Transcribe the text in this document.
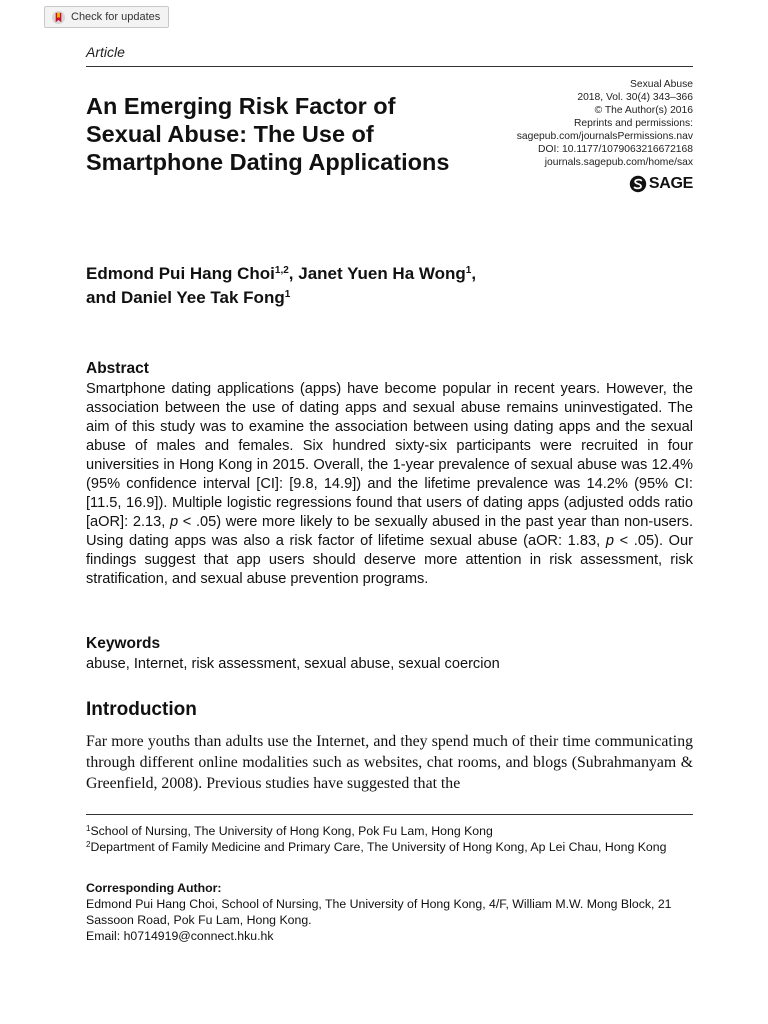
Check for updates
Article
An Emerging Risk Factor of Sexual Abuse: The Use of Smartphone Dating Applications
Sexual Abuse
2018, Vol. 30(4) 343–366
© The Author(s) 2016
Reprints and permissions:
sagepub.com/journalsPermissions.nav
DOI: 10.1177/1079063216672168
journals.sagepub.com/home/sax
SAGE
Edmond Pui Hang Choi$^{1,2}$, Janet Yuen Ha Wong$^1$,
and Daniel Yee Tak Fong$^1$
Abstract

Smartphone dating applications (apps) have become popular in recent years. However, the association between the use of dating apps and sexual abuse remains uninvestigated. The aim of this study was to examine the association between using dating apps and the sexual abuse of males and females. Six hundred sixty-six participants were recruited in four universities in Hong Kong in 2015. Overall, the 1-year prevalence of sexual abuse was 12.4% (95% confidence interval [CI]: [9.8, 14.9]) and the lifetime prevalence was 14.2% (95% CI: [11.5, 16.9]). Multiple logistic regressions found that users of dating apps (adjusted odds ratio [aOR]: 2.13, p < .05) were more likely to be sexually abused in the past year than non-users. Using dating apps was also a risk factor of lifetime sexual abuse (aOR: 1.83, p < .05). Our findings suggest that app users should deserve more attention in risk assessment, risk stratification, and sexual abuse prevention programs.

Keywords

abuse, Internet, risk assessment, sexual abuse, sexual coercion

Introduction

Far more youths than adults use the Internet, and they spend much of their time communicating through different online modalities such as websites, chat rooms, and blogs (Subrahmanyam & Greenfield, 2008). Previous studies have suggested that the

$^1$School of Nursing, The University of Hong Kong, Pok Fu Lam, Hong Kong
$^2$Department of Family Medicine and Primary Care, The University of Hong Kong, Ap Lei Chau, Hong Kong
Corresponding Author:
Edmond Pui Hang Choi, School of Nursing, The University of Hong Kong, 4/F, William M.W. Mong Block, 21 Sassoon Road, Pok Fu Lam, Hong Kong.
Email: h0714919@connect.hku.hk
